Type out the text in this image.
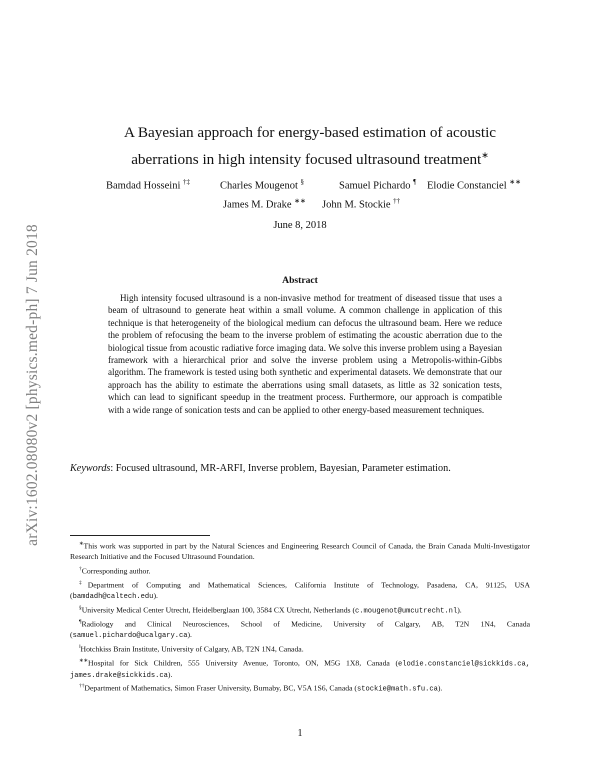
arXiv:1602.08080v2 [physics.med-ph] 7 Jun 2018
A Bayesian approach for energy-based estimation of acoustic
aberrations in high intensity focused ultrasound treatment∗
Bamdad Hosseini †‡	Charles Mougenot §	Samuel Pichardo ¶ Elodie Constanciel ∗∗
James M. Drake ∗∗ John M. Stockie ††
June 8, 2018
Abstract

High intensity focused ultrasound is a non-invasive method for treatment of diseased tissue that uses a beam of ultrasound to generate heat within a small volume. A common challenge in application of this technique is that heterogeneity of the biological medium can defocus the ultrasound beam. Here we reduce the problem of refocusing the beam to the inverse problem of estimating the acoustic aberration due to the biological tissue from acoustic radiative force imaging data. We solve this inverse problem using a Bayesian framework with a hierarchical prior and solve the inverse problem using a Metropolis-within-Gibbs algorithm. The framework is tested using both synthetic and experimental datasets. We demonstrate that our approach has the ability to estimate the aberrations using small datasets, as little as 32 sonication tests, which can lead to significant speedup in the treatment process. Furthermore, our approach is compatible with a wide range of sonication tests and can be applied to other energy-based measurement techniques.

Keywords: Focused ultrasound, MR-ARFI, Inverse problem, Bayesian, Parameter estimation.

∗This work was supported in part by the Natural Sciences and Engineering Research Council of Canada, the Brain Canada Multi-Investigator Research Initiative and the Focused Ultrasound Foundation.

†Corresponding author.

‡Department of Computing and Mathematical Sciences, California Institute of Technology, Pasadena, CA, 91125, USA (bamdadh@caltech.edu).

§University Medical Center Utrecht, Heidelberglaan 100, 3584 CX Utrecht, Netherlands (c.mougenot@umcutrecht.nl).

¶Radiology and Clinical Neurosciences, School of Medicine, University of Calgary, AB, T2N 1N4, Canada (samuel.pichardo@ucalgary.ca).

‖Hotchkiss Brain Institute, University of Calgary, AB, T2N 1N4, Canada.

∗∗Hospital for Sick Children, 555 University Avenue, Toronto, ON, M5G 1X8, Canada (elodie.constanciel@sickkids.ca, james.drake@sickkids.ca).

††Department of Mathematics, Simon Fraser University, Burnaby, BC, V5A 1S6, Canada (stockie@math.sfu.ca).

1
